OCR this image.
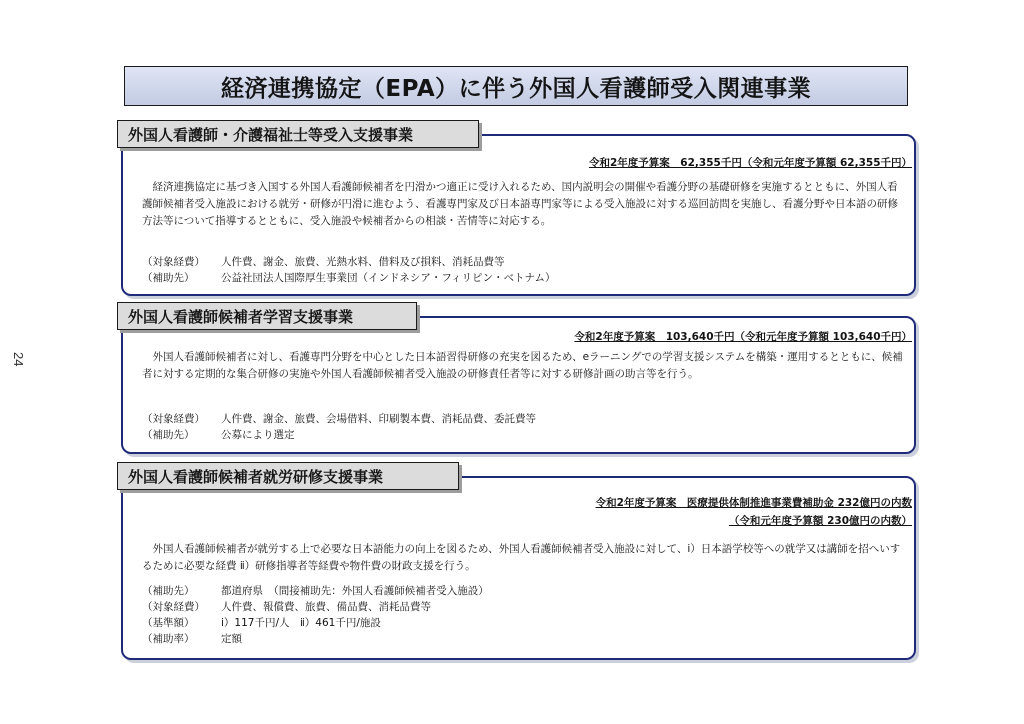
24
経済連携協定（EPA）に伴う外国人看護師受入関連事業
外国人看護師・介護福祉士等受入支援事業
令和2年度予算案　62,355千円（令和元年度予算額 62,355千円）
経済連携協定に基づき入国する外国人看護師候補者を円滑かつ適正に受け入れるため、国内説明会の開催や看護分野の基礎研修を実施するとともに、外国人看護師候補者受入施設における就労・研修が円滑に進むよう、看護専門家及び日本語専門家等による受入施設に対する巡回訪問を実施し、看護分野や日本語の研修方法等について指導するとともに、受入施設や候補者からの相談・苦情等に対応する。
（対象経費）	人件費、謝金、旅費、光熱水料、借料及び損料、消耗品費等
（補助先）	公益社団法人国際厚生事業団（インドネシア・フィリピン・ベトナム）
外国人看護師候補者学習支援事業
令和2年度予算案　103,640千円（令和元年度予算額 103,640千円）
外国人看護師候補者に対し、看護専門分野を中心とした日本語習得研修の充実を図るため、eラーニングでの学習支援システムを構築・運用するとともに、候補者に対する定期的な集合研修の実施や外国人看護師候補者受入施設の研修責任者等に対する研修計画の助言等を行う。
（対象経費）	人件費、謝金、旅費、会場借料、印刷製本費、消耗品費、委託費等
（補助先）	公募により選定
外国人看護師候補者就労研修支援事業
令和2年度予算案　医療提供体制推進事業費補助金 232億円の内数
（令和元年度予算額 230億円の内数）
外国人看護師候補者が就労する上で必要な日本語能力の向上を図るため、外国人看護師候補者受入施設に対して、ⅰ）日本語学校等への就学又は講師を招へいするために必要な経費 ⅱ）研修指導者等経費や物件費の財政支援を行う。
（補助先）	都道府県　（間接補助先：外国人看護師候補者受入施設）
（対象経費）	人件費、報償費、旅費、備品費、消耗品費等
（基準額）	ⅰ）117千円/人　ⅱ）461千円/施設
（補助率）	定額
